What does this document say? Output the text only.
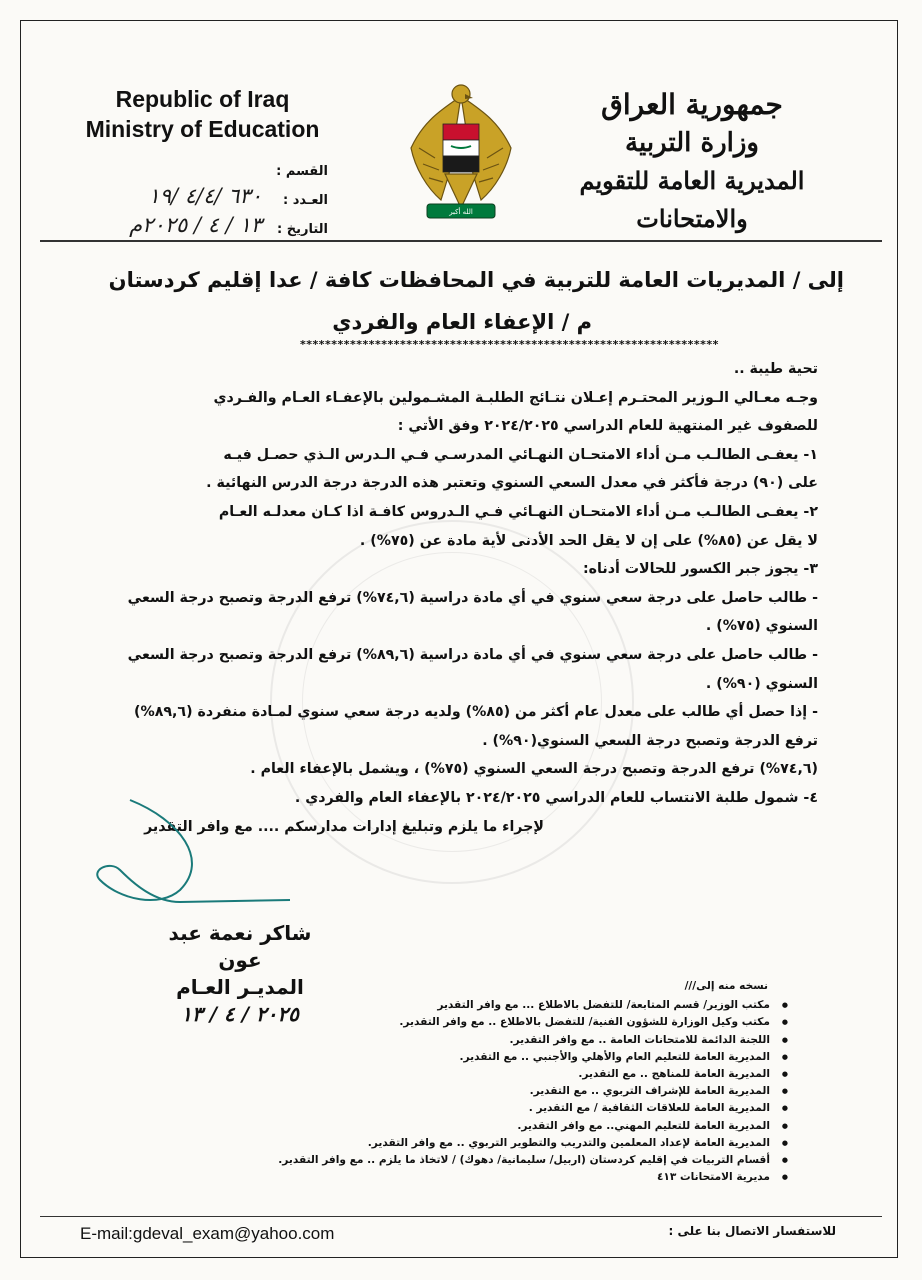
Republic of Iraq
Ministry of Education
الله أكبر
جمهورية العراق
وزارة التربية
المديرية العامة للتقويم والامتحانات
القسم :
العـدد :
٦٣٠ /٤/٤ /١٩
التاريخ :
١٣ / ٤ / ٢٠٢٥م
إلى / المديريات العامة للتربية في المحافظات كافة / عدا إقليم كردستان
م / الإعفاء العام والفردي
*******************************************************************

تحية طيبة ..

وجـه معـالي الـوزير المحتـرم إعـلان نتـائج الطلبـة المشـمولين بالإعفـاء العـام والفـردي

للصفوف غير المنتهية للعام الدراسي ٢٠٢٤/٢٠٢٥ وفق الأتي :

١- يعفـى الطالـب مـن أداء الامتحـان النهـائي المدرسـي فـي الـدرس الـذي حصـل فيـه

على (٩٠) درجة فأكثر في معدل السعي السنوي وتعتبر هذه الدرجة درجة الدرس النهائية .

٢- يعفـى الطالـب مـن أداء الامتحـان النهـائي فـي الـدروس كافـة اذا كـان معدلـه العـام

لا يقل عن (٨٥%) على إن لا يقل الحد الأدنى لأية مادة عن (٧٥%) .

٣- يجوز جبر الكسور للحالات أدناه:

- طالب حاصل على درجة سعي سنوي في أي مادة دراسية (٧٤,٦%) ترفع الدرجة وتصبح درجة السعي

السنوي (٧٥%) .

- طالب حاصل على درجة سعي سنوي في أي مادة دراسية (٨٩,٦%) ترفع الدرجة وتصبح درجة السعي

السنوي (٩٠%) .

- إذا حصل أي طالب على معدل عام أكثر من (٨٥%) ولديه درجة سعي سنوي لمـادة منفردة (٨٩,٦%)

ترفع الدرجة وتصبح درجة السعي السنوي(٩٠%) .

(٧٤,٦%) ترفع الدرجة وتصبح درجة السعي السنوي (٧٥%) ، ويشمل بالإعفاء العام .

٤- شمول طلبة الانتساب للعام الدراسي ٢٠٢٤/٢٠٢٥ بالإعفاء العام والفردي .

لإجراء ما يلزم وتبليغ إدارات مدارسكم .... مع وافر التقدير

شاكر نعمة عبد عون
المديـر العـام
٢٠٢٥ / ٤ / ١٣
نسخه منه إلى///
● مكتب الوزير/ قسم المتابعة/ للتفضل بالاطلاع ... مع وافر التقدير
● مكتب وكيل الوزارة للشؤون الفنية/ للتفضل بالاطلاع .. مع وافر التقدير.
● اللجنة الدائمة للامتحانات العامة .. مع وافر التقدير.
● المديرية العامة للتعليم العام والأهلي والأجنبي .. مع التقدير.
● المديرية العامة للمناهج .. مع التقدير.
● المديرية العامة للإشراف التربوي .. مع التقدير.
● المديرية العامة للعلاقات الثقافية / مع التقدير .
● المديرية العامة للتعليم المهني.. مع وافر التقدير.
● المديرية العامة لإعداد المعلمين والتدريب والتطوير التربوي .. مع وافر التقدير.
● أقسام التربيات في إقليم كردستان (اربيل/ سليمانية/ دهوك) / لاتخاذ ما يلزم .. مع وافر التقدير.
● مديرية الامتحانات ٤١٣
E-mail:gdeval_exam@yahoo.com	للاستفسار الاتصال بنا على :
